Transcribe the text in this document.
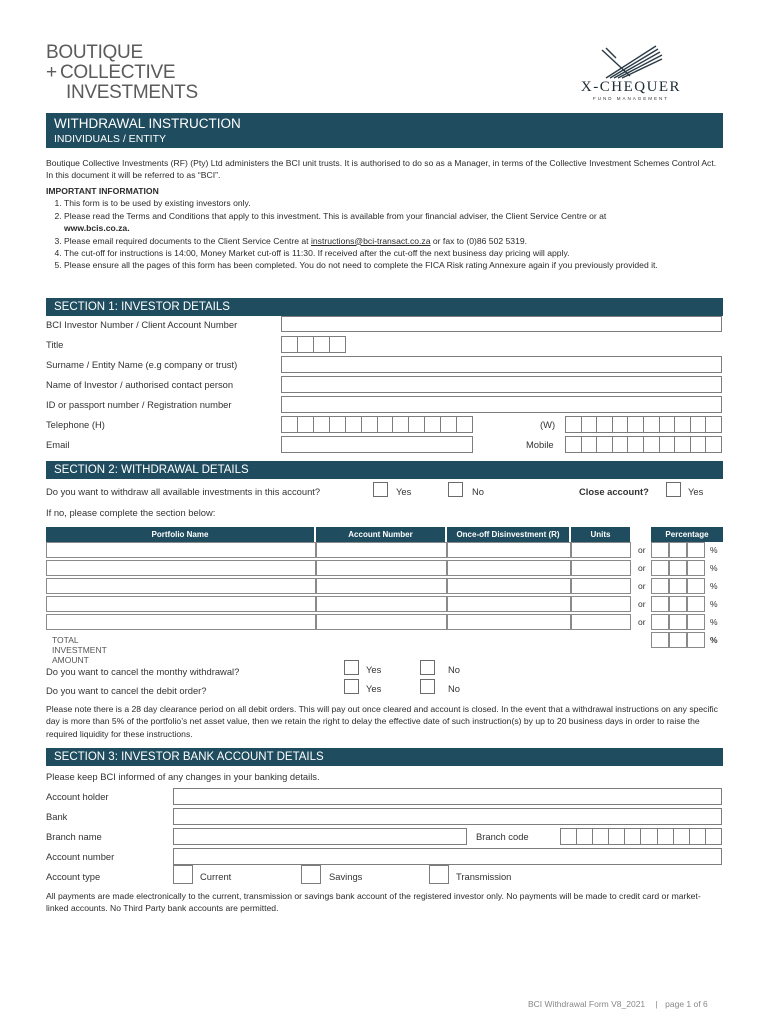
BOUTIQUE
+ COLLECTIVE
INVESTMENTS	X-CHEQUER
FUND MANAGEMENT
WITHDRAWAL INSTRUCTION
INDIVIDUALS / ENTITY
Boutique Collective Investments (RF) (Pty) Ltd administers the BCI unit trusts. It is authorised to do so as a Manager, in terms of the Collective Investment Schemes Control Act. In this document it will be referred to as “BCI”.
IMPORTANT INFORMATION
1. This form is to be used by existing investors only.
2. Please read the Terms and Conditions that apply to this investment. This is available from your financial adviser, the Client Service Centre or at
www.bcis.co.za.
3. Please email required documents to the Client Service Centre at instructions@bci-transact.co.za or fax to (0)86 502 5319.
4. The cut-off for instructions is 14:00, Money Market cut-off is 11:30. If received after the cut-off the next business day pricing will apply.
5. Please ensure all the pages of this form has been completed. You do not need to complete the FICA Risk rating Annexure again if you previously provided it.
SECTION 1: INVESTOR DETAILS
BCI Investor Number / Client Account Number
Title
Surname / Entity Name (e.g company or trust)
Name of Investor / authorised contact person
ID or passport number / Registration number
Telephone (H)	(W)
Email	Mobile
SECTION 2: WITHDRAWAL DETAILS
Do you want to withdraw all available investments in this account?	Yes	No	Close account?	Yes
If no, please complete the section below:
Portfolio Name	Account Number	Once-off Disinvestment (R)	Units	Percentage
or	%
or	%
or	%
or	%
or	%
TOTAL INVESTMENT AMOUNT
%
Do you want to cancel the monthy withdrawal?	Yes	No
Do you want to cancel the debit order?	Yes	No
Please note there is a 28 day clearance period on all debit orders. This will pay out once cleared and account is closed. In the event that a withdrawal instructions on any specific day is more than 5% of the portfolio’s net asset value, then we retain the right to delay the effective date of such instruction(s) by up to 20 business days in order to raise the required liquidity for these instructions.
SECTION 3: INVESTOR BANK ACCOUNT DETAILS
Please keep BCI informed of any changes in your banking details.
Account holder
Bank
Branch name	Branch code
Account number
Account type	Current	Savings	Transmission
All payments are made electronically to the current, transmission or savings bank account of the registered investor only. No payments will be made to credit card or market-linked accounts. No Third Party bank accounts are permitted.
BCI Withdrawal Form V8_2021 | page 1 of 6
